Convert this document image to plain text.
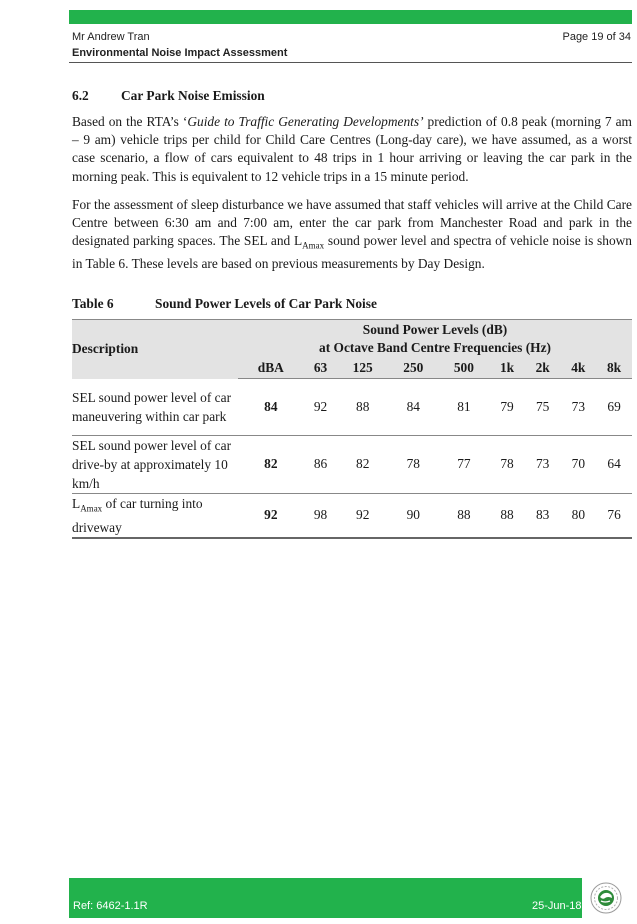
Mr Andrew Tran
Environmental Noise Impact Assessment
Page 19 of 34
6.2 Car Park Noise Emission
Based on the RTA’s ‘Guide to Traffic Generating Developments’ prediction of 0.8 peak (morning 7 am – 9 am) vehicle trips per child for Child Care Centres (Long-day care), we have assumed, as a worst case scenario, a flow of cars equivalent to 48 trips in 1 hour arriving or leaving the car park in the morning peak. This is equivalent to 12 vehicle trips in a 15 minute period.
For the assessment of sleep disturbance we have assumed that staff vehicles will arrive at the Child Care Centre between 6:30 am and 7:00 am, enter the car park from Manchester Road and park in the designated parking spaces. The SEL and $L_{Amax}$ sound power level and spectra of vehicle noise is shown in Table 6. These levels are based on previous measurements by Day Design.
Table 6	Sound Power Levels of Car Park Noise
Description	Sound Power Levels (dB)
at Octave Band Centre Frequencies (Hz)								

	dBA	63	125	250	500	1k	2k	4k	8k
SEL sound power level of car maneuvering within car park	84	92	88	84	81	79	75	73	69
SEL sound power level of car drive-by at approximately 10 km/h	82	86	82	78	77	78	73	70	64
$L_{Amax}$ of car turning into driveway	92	98	92	90	88	88	83	80	76
Ref: 6462-1.1R	25-Jun-18
